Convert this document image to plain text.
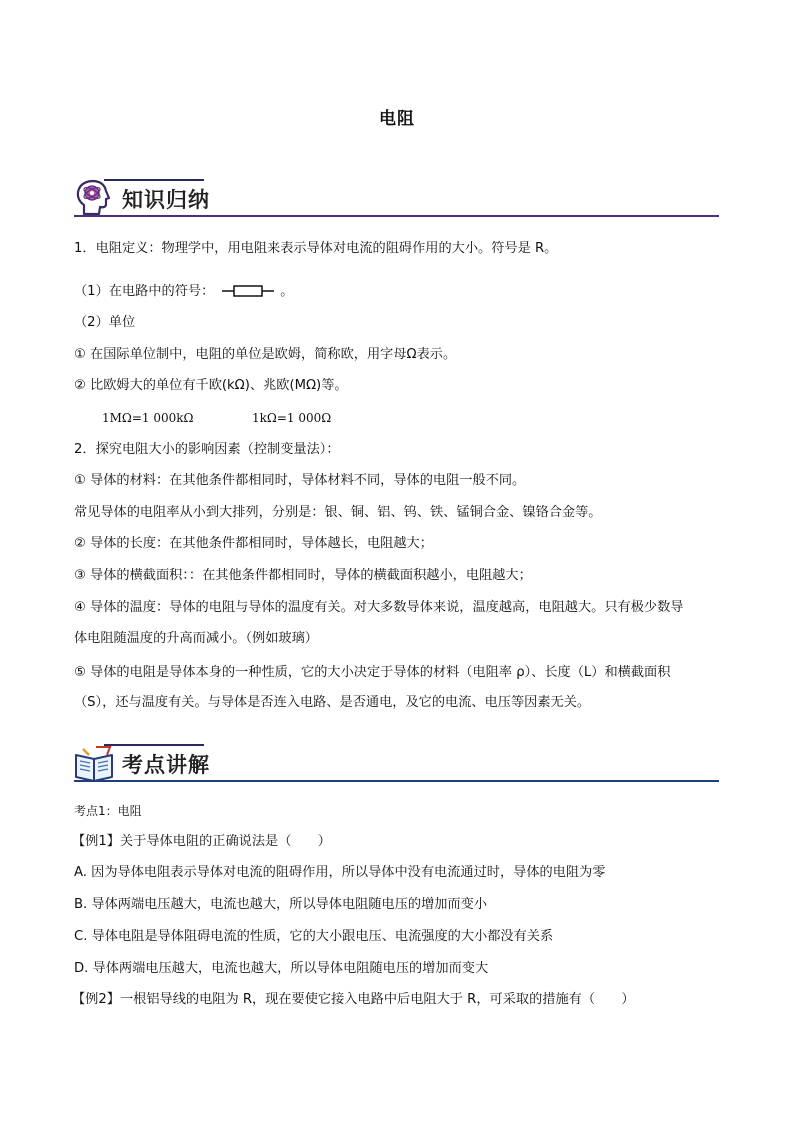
电阻
知识归纳
1．电阻定义：物理学中，用电阻来表示导体对电流的阻碍作用的大小。符号是 R。
（1）在电路中的符号：	。
（2）单位
① 在国际单位制中，电阻的单位是欧姆，简称欧，用字母Ω表示。
② 比欧姆大的单位有千欧(kΩ)、兆欧(MΩ)等。
1MΩ=1 000kΩ	1kΩ=1 000Ω
2．探究电阻大小的影响因素（控制变量法）：
① 导体的材料：在其他条件都相同时，导体材料不同，导体的电阻一般不同。
常见导体的电阻率从小到大排列，分别是：银、铜、铝、钨、铁、锰铜合金、镍铬合金等。
② 导体的长度：在其他条件都相同时，导体越长，电阻越大；
③ 导体的横截面积：：在其他条件都相同时，导体的横截面积越小，电阻越大；
④ 导体的温度：导体的电阻与导体的温度有关。对大多数导体来说，温度越高，电阻越大。只有极少数导
体电阻随温度的升高而减小。（例如玻璃）
⑤ 导体的电阻是导体本身的一种性质，它的大小决定于导体的材料（电阻率 ρ）、长度（L）和横截面积
（S），还与温度有关。与导体是否连入电路、是否通电，及它的电流、电压等因素无关。
考点讲解
考点1：电阻
【例1】关于导体电阻的正确说法是（　　）
A. 因为导体电阻表示导体对电流的阻碍作用，所以导体中没有电流通过时，导体的电阻为零
B. 导体两端电压越大，电流也越大，所以导体电阻随电压的增加而变小
C. 导体电阻是导体阻碍电流的性质，它的大小跟电压、电流强度的大小都没有关系
D. 导体两端电压越大，电流也越大，所以导体电阻随电压的增加而变大
【例2】一根铝导线的电阻为 R，现在要使它接入电路中后电阻大于 R，可采取的措施有（　　）
